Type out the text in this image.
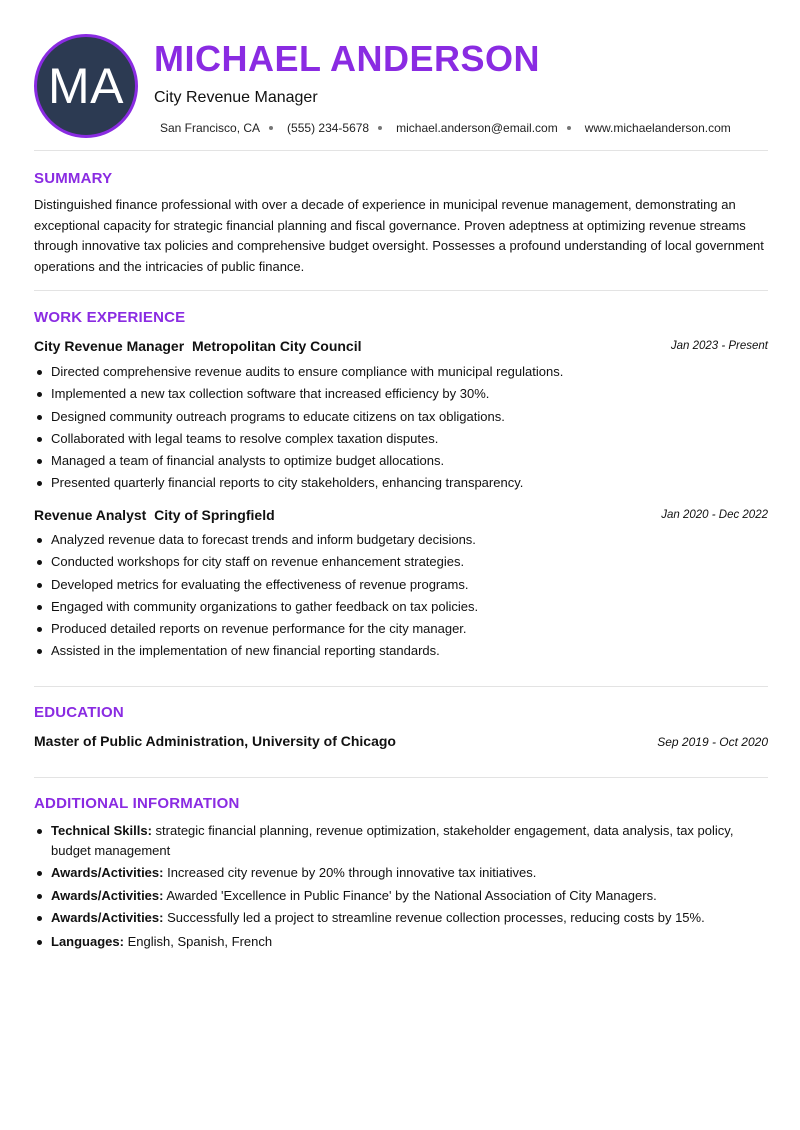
MA MICHAEL ANDERSON
City Revenue Manager
San Francisco, CA (555) 234-5678 michael.anderson@email.com www.michaelanderson.com
SUMMARY
Distinguished finance professional with over a decade of experience in municipal revenue management, demonstrating an exceptional capacity for strategic financial planning and fiscal governance. Proven adeptness at optimizing revenue streams through innovative tax policies and comprehensive budget oversight. Possesses a profound understanding of local government operations and the intricacies of public finance.
WORK EXPERIENCE
City Revenue Manager  Metropolitan City Council	Jan 2023 - Present
Directed comprehensive revenue audits to ensure compliance with municipal regulations.
Implemented a new tax collection software that increased efficiency by 30%.
Designed community outreach programs to educate citizens on tax obligations.
Collaborated with legal teams to resolve complex taxation disputes.
Managed a team of financial analysts to optimize budget allocations.
Presented quarterly financial reports to city stakeholders, enhancing transparency.
Revenue Analyst  City of Springfield	Jan 2020 - Dec 2022
Analyzed revenue data to forecast trends and inform budgetary decisions.
Conducted workshops for city staff on revenue enhancement strategies.
Developed metrics for evaluating the effectiveness of revenue programs.
Engaged with community organizations to gather feedback on tax policies.
Produced detailed reports on revenue performance for the city manager.
Assisted in the implementation of new financial reporting standards.
EDUCATION
Master of Public Administration, University of Chicago	Sep 2019 - Oct 2020
ADDITIONAL INFORMATION
Technical Skills: strategic financial planning, revenue optimization, stakeholder engagement, data analysis, tax policy, budget management
Awards/Activities: Increased city revenue by 20% through innovative tax initiatives.
Awards/Activities: Awarded 'Excellence in Public Finance' by the National Association of City Managers.
Awards/Activities: Successfully led a project to streamline revenue collection processes, reducing costs by 15%.
Languages: English, Spanish, French
